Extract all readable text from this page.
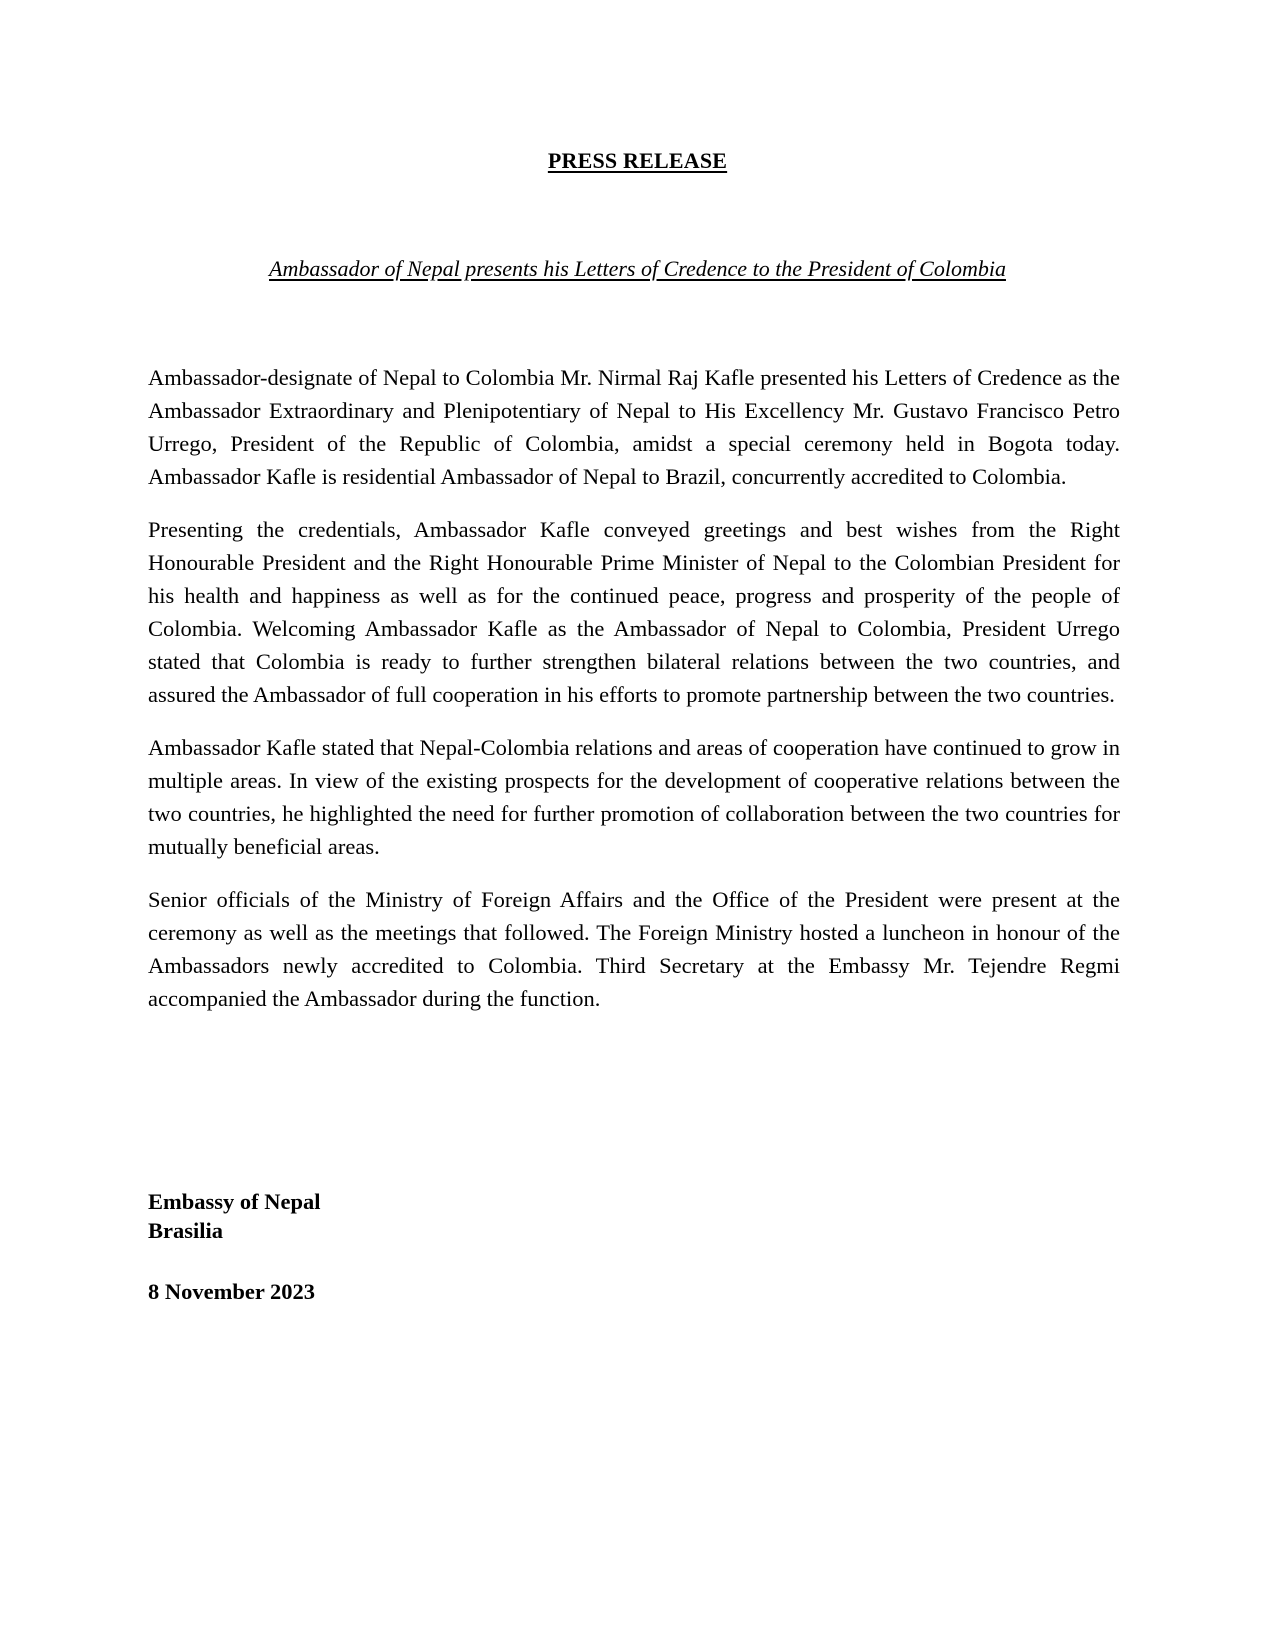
PRESS RELEASE
Ambassador of Nepal presents his Letters of Credence to the President of Colombia

Ambassador-designate of Nepal to Colombia Mr. Nirmal Raj Kafle presented his Letters of Credence as the Ambassador Extraordinary and Plenipotentiary of Nepal to His Excellency Mr. Gustavo Francisco Petro Urrego, President of the Republic of Colombia, amidst a special ceremony held in Bogota today. Ambassador Kafle is residential Ambassador of Nepal to Brazil, concurrently accredited to Colombia.

Presenting the credentials, Ambassador Kafle conveyed greetings and best wishes from the Right Honourable President and the Right Honourable Prime Minister of Nepal to the Colombian President for his health and happiness as well as for the continued peace, progress and prosperity of the people of Colombia. Welcoming Ambassador Kafle as the Ambassador of Nepal to Colombia, President Urrego stated that Colombia is ready to further strengthen bilateral relations between the two countries, and assured the Ambassador of full cooperation in his efforts to promote partnership between the two countries.

Ambassador Kafle stated that Nepal-Colombia relations and areas of cooperation have continued to grow in multiple areas. In view of the existing prospects for the development of cooperative relations between the two countries, he highlighted the need for further promotion of collaboration between the two countries for mutually beneficial areas.

Senior officials of the Ministry of Foreign Affairs and the Office of the President were present at the ceremony as well as the meetings that followed. The Foreign Ministry hosted a luncheon in honour of the Ambassadors newly accredited to Colombia. Third Secretary at the Embassy Mr. Tejendre Regmi accompanied the Ambassador during the function.

Embassy of Nepal
Brasilia
8 November 2023
